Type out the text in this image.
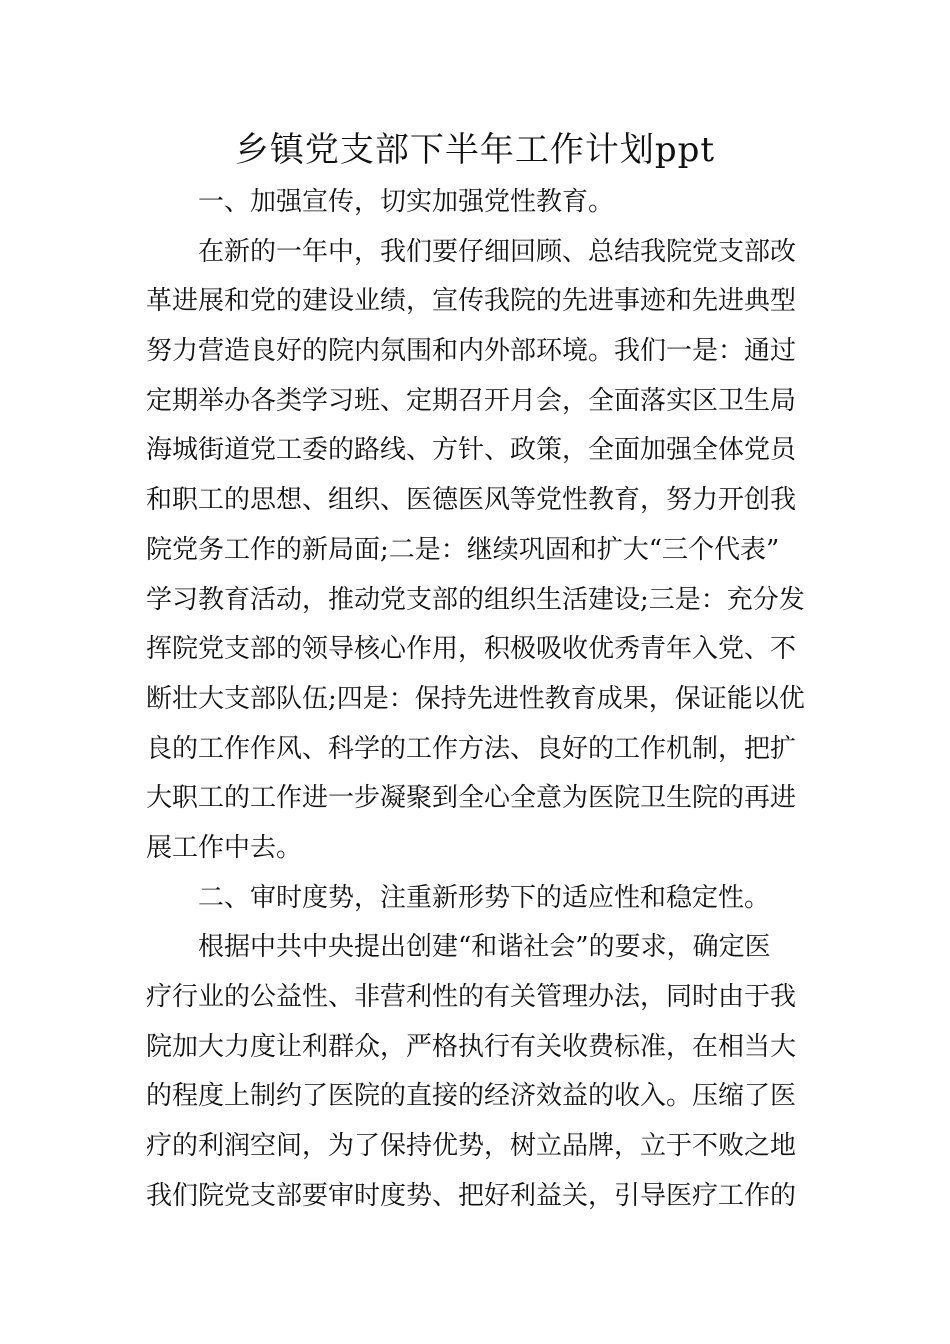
乡镇党支部下半年工作计划ppt
一、加强宣传，切实加强党性教育。
在新的一年中，我们要仔细回顾、总结我院党支部改
革进展和党的建设业绩，宣传我院的先进事迹和先进典型
努力营造良好的院内氛围和内外部环境。我们一是：通过
定期举办各类学习班、定期召开月会，全面落实区卫生局
海城街道党工委的路线、方针、政策，全面加强全体党员
和职工的思想、组织、医德医风等党性教育，努力开创我
院党务工作的新局面;二是：继续巩固和扩大“三个代表”
学习教育活动，推动党支部的组织生活建设;三是：充分发
挥院党支部的领导核心作用，积极吸收优秀青年入党、不
断壮大支部队伍;四是：保持先进性教育成果，保证能以优
良的工作作风、科学的工作方法、良好的工作机制，把扩
大职工的工作进一步凝聚到全心全意为医院卫生院的再进
展工作中去。
二、审时度势，注重新形势下的适应性和稳定性。
根据中共中央提出创建“和谐社会”的要求，确定医
疗行业的公益性、非营利性的有关管理办法，同时由于我
院加大力度让利群众，严格执行有关收费标准，在相当大
的程度上制约了医院的直接的经济效益的收入。压缩了医
疗的利润空间，为了保持优势，树立品牌，立于不败之地
我们院党支部要审时度势、把好利益关，引导医疗工作的
